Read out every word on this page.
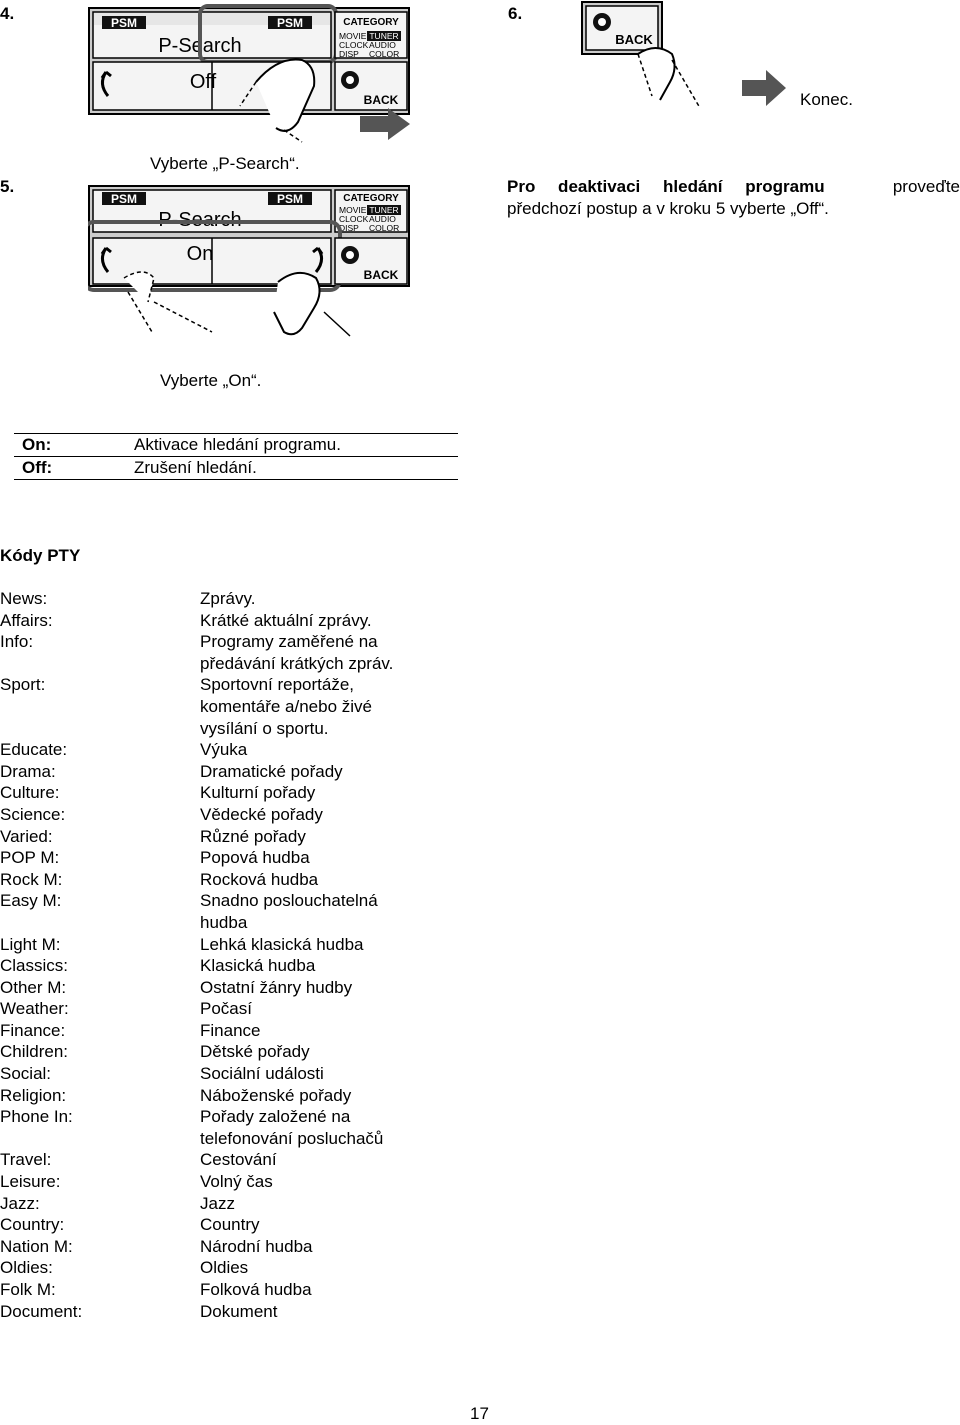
4.
5.
6.
PSM	PSM
P-Search
CATEGORY
MOVIE TUNER
CLOCK AUDIO
DISP COLOR
Off
BACK
Vyberte „P-Search“.
PSM	PSM
P-Search
CATEGORY
MOVIE TUNER
CLOCK AUDIO
DISP COLOR
On
BACK
Vyberte „On“.
BACK
Konec.
Pro deaktivaci hledání programu	proveďte
předchozí postup a v kroku 5 vyberte „Off“.
On:	Aktivace hledání programu.
Off:	Zrušení hledání.
Kódy PTY
News:	Zprávy.
Affairs:	Krátké aktuální zprávy.
Info:	Programy zaměřené na
předávání krátkých zpráv.
Sport:	Sportovní reportáže,
komentáře a/nebo živé
vysílání o sportu.
Educate:	Výuka
Drama:	Dramatické pořady
Culture:	Kulturní pořady
Science:	Vědecké pořady
Varied:	Různé pořady
POP M:	Popová hudba
Rock M:	Rocková hudba
Easy M:	Snadno poslouchatelná
hudba
Light M:	Lehká klasická hudba
Classics:	Klasická hudba
Other M:	Ostatní žánry hudby
Weather:	Počasí
Finance:	Finance
Children:	Dětské pořady
Social:	Sociální události
Religion:	Náboženské pořady
Phone In:	Pořady založené na
telefonování posluchačů
Travel:	Cestování
Leisure:	Volný čas
Jazz:	Jazz
Country:	Country
Nation M:	Národní hudba
Oldies:	Oldies
Folk M:	Folková hudba
Document:	Dokument
17
